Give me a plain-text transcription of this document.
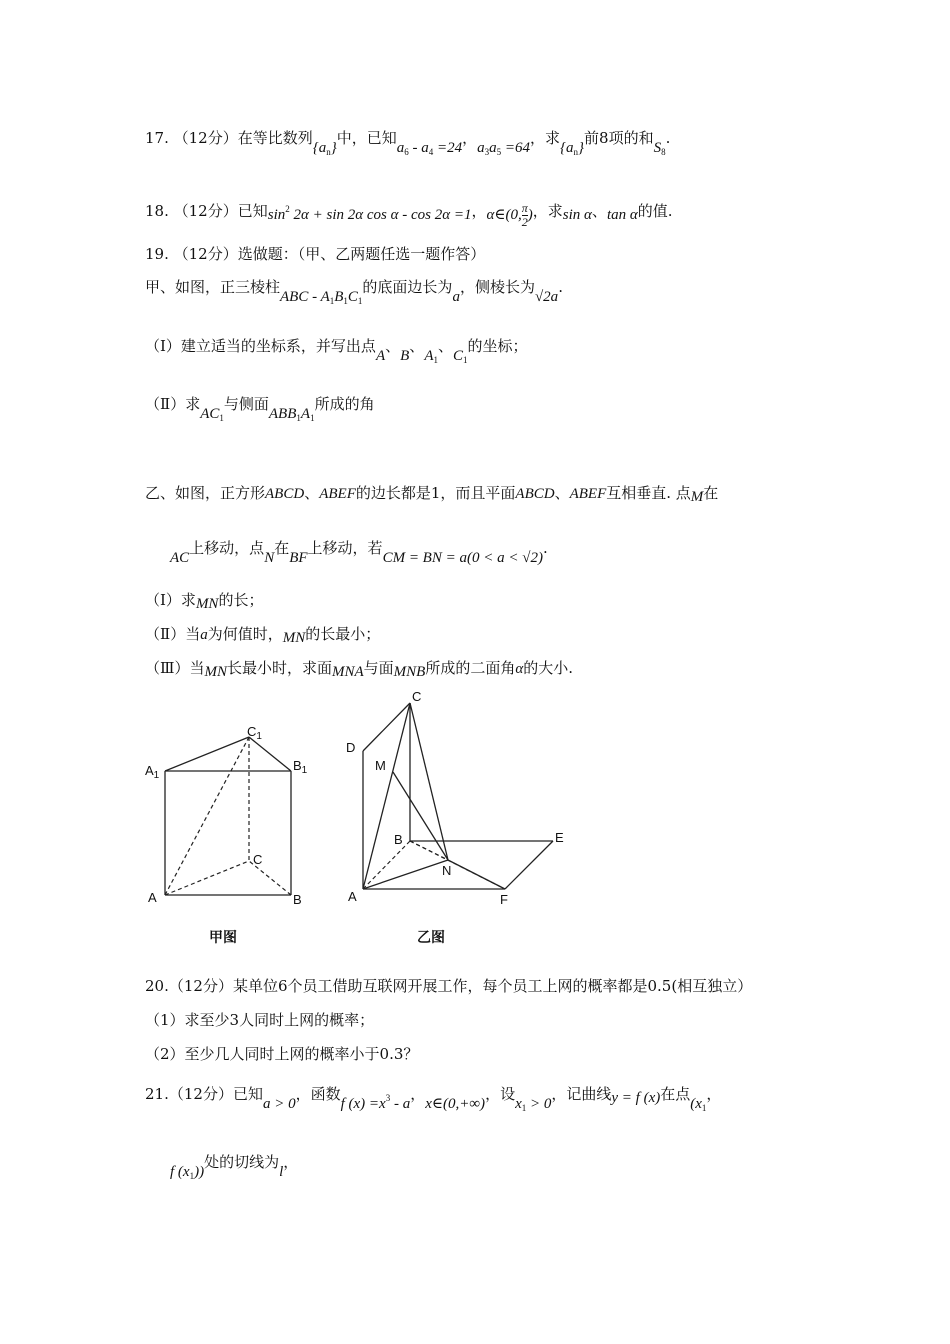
17. （12分）在等比数列$\{a_n\}$中，已知$a_6 - a_4 =24$，$a_3a_5 =64$，求$\{a_n\}$前8项的和$S_8$.
18. （12分）已知$\sin^2 2\alpha + \sin 2\alpha$ cos α - cos 2α =1，α∈(0, $\frac{\pi}{2}$ )，求sin α、tan α的值.
19. （12分）选做题：（甲、乙两题任选一题作答）
甲、如图，正三棱柱ABC - $A_1B_1C_1$的底面边长为a，侧棱长为√2a.
（Ⅰ）建立适当的坐标系，并写出点A、B、$A_1$、$C_1$的坐标；
（Ⅱ）求$AC_1$与侧面$ABB_1A_1$所成的角
乙、如图，正方形ABCD、ABEF的边长都是1，而且平面ABCD、ABEF互相垂直. 点M在
AC上移动，点N在BF上移动，若CM = BN = a(0 < a < √2).
（Ⅰ）求MN的长；
（Ⅱ）当a为何值时，MN的长最小；
（Ⅲ）当MN长最小时，求面MNA与面MNB所成的二面角α的大小.
$A_1$
$B_1$
$C_1$
A	B
C
甲图
C
D
M
B	E
N
A	F
乙图
20.（12分）某单位6个员工借助互联网开展工作，每个员工上网的概率都是0.5(相互独立）
（1）求至少3人同时上网的概率；
（2）至少几人同时上网的概率小于0.3？
21.（12分）已知a > 0，函数f $(x) =x^3 - a$，x∈(0,+∞)，设$x_1 > 0$，记曲线y = f (x)在点($x_1$，
f $(x_1)$)处的切线为l，
